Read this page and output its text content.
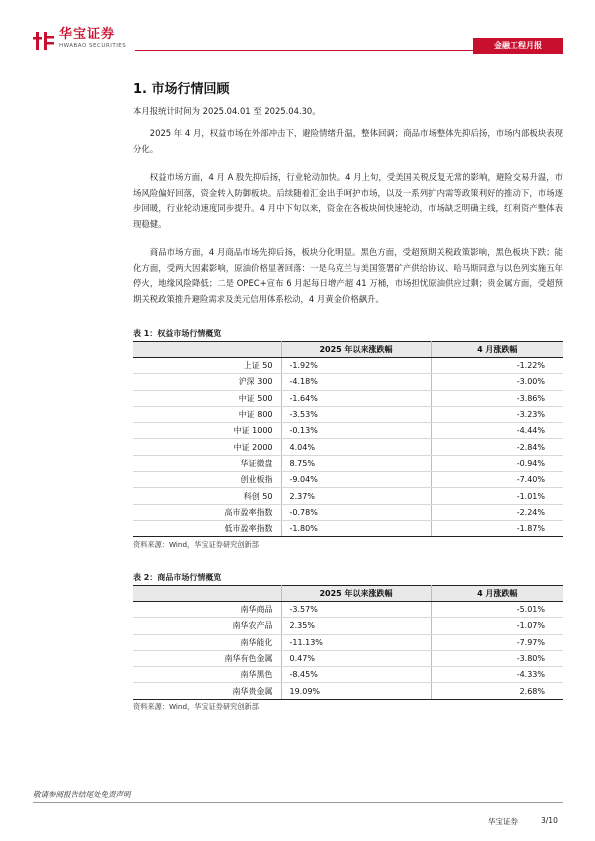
华宝证券
HWABAO SECURITIES	金融工程月报
1. 市场行情回顾

本月报统计时间为 2025.04.01 至 2025.04.30。

2025 年 4 月，权益市场在外部冲击下，避险情绪升温，整体回调；商品市场整体先抑后扬，市场内部板块表现分化。

权益市场方面，4 月 A 股先抑后扬，行业轮动加快。4 月上旬，受美国关税反复无常的影响，避险交易升温，市场风险偏好回落，资金转入防御板块。后续随着汇金出手呵护市场，以及一系列扩内需等政策利好的推动下，市场逐步回暖，行业轮动速度同步提升。4 月中下旬以来，资金在各板块间快速轮动，市场缺乏明确主线，红利资产整体表现稳健。

商品市场方面，4 月商品市场先抑后扬，板块分化明显。黑色方面，受超预期关税政策影响，黑色板块下跌；能化方面，受两大因素影响，原油价格显著回落：一是乌克兰与美国签署矿产供给协议、哈马斯同意与以色列实施五年停火，地缘风险降低；二是 OPEC+宣布 6 月起每日增产超 41 万桶，市场担忧原油供应过剩；贵金属方面，受超预期关税政策推升避险需求及美元信用体系松动，4 月黄金价格飙升。

表 1：权益市场行情概览
	2025 年以来涨跌幅	4 月涨跌幅
上证 50	-1.92%	-1.22%
沪深 300	-4.18%	-3.00%
中证 500	-1.64%	-3.86%
中证 800	-3.53%	-3.23%
中证 1000	-0.13%	-4.44%
中证 2000	4.04%	-2.84%
华证微盘	8.75%	-0.94%
创业板指	-9.04%	-7.40%
科创 50	2.37%	-1.01%
高市盈率指数	-0.78%	-2.24%
低市盈率指数	-1.80%	-1.87%
资料来源：Wind，华宝证券研究创新部
表 2：商品市场行情概览
	2025 年以来涨跌幅	4 月涨跌幅
南华商品	-3.57%	-5.01%
南华农产品	2.35%	-1.07%
南华能化	-11.13%	-7.97%
南华有色金属	0.47%	-3.80%
南华黑色	-8.45%	-4.33%
南华贵金属	19.09%	2.68%
资料来源：Wind，华宝证券研究创新部
敬请参阅报告结尾处免责声明
华宝证券	3/10
